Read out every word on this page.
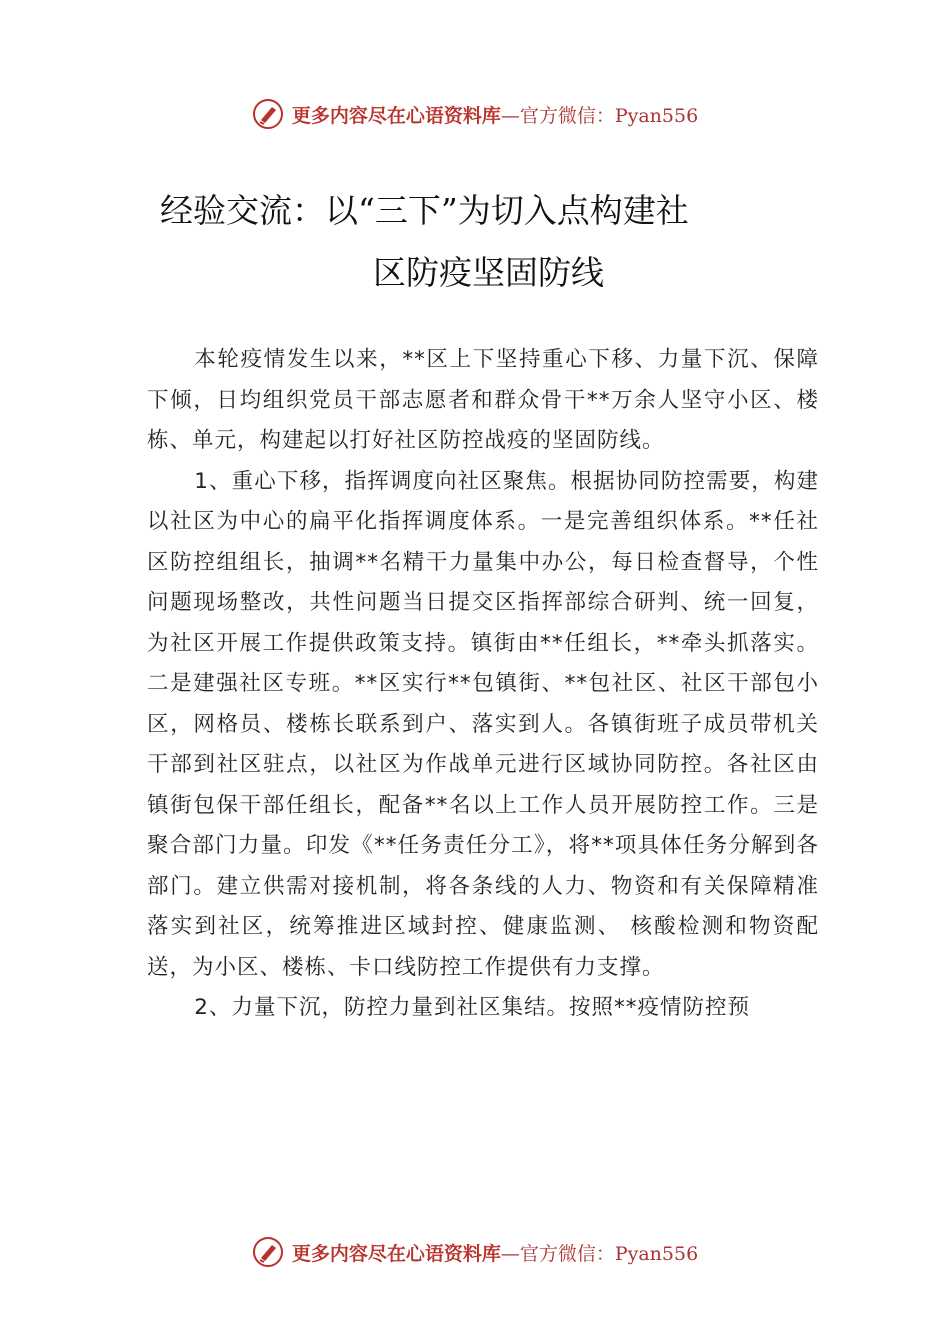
更多内容尽在心语资料库—官方微信：Pyan556
经验交流：以“三下”为切入点构建社
区防疫坚固防线

本轮疫情发生以来，**区上下坚持重心下移、力量下沉、保障下倾，日均组织党员干部志愿者和群众骨干**万余人坚守小区、楼栋、单元，构建起以打好社区防控战疫的坚固防线。

1、重心下移，指挥调度向社区聚焦。根据协同防控需要，构建以社区为中心的扁平化指挥调度体系。一是完善组织体系。**任社区防控组组长，抽调**名精干力量集中办公，每日检查督导，个性问题现场整改，共性问题当日提交区指挥部综合研判、统一回复，为社区开展工作提供政策支持。镇街由**任组长，**牵头抓落实。二是建强社区专班。**区实行**包镇街、**包社区、社区干部包小区，网格员、楼栋长联系到户、落实到人。各镇街班子成员带机关干部到社区驻点，以社区为作战单元进行区域协同防控。各社区由镇街包保干部任组长，配备**名以上工作人员开展防控工作。三是聚合部门力量。印发《**任务责任分工》，将**项具体任务分解到各部门。建立供需对接机制，将各条线的人力、物资和有关保障精准落实到社区，统筹推进区域封控、健康监测、 核酸检测和物资配送，为小区、楼栋、卡口线防控工作提供有力支撑。

2、力量下沉，防控力量到社区集结。按照**疫情防控预

更多内容尽在心语资料库—官方微信：Pyan556
